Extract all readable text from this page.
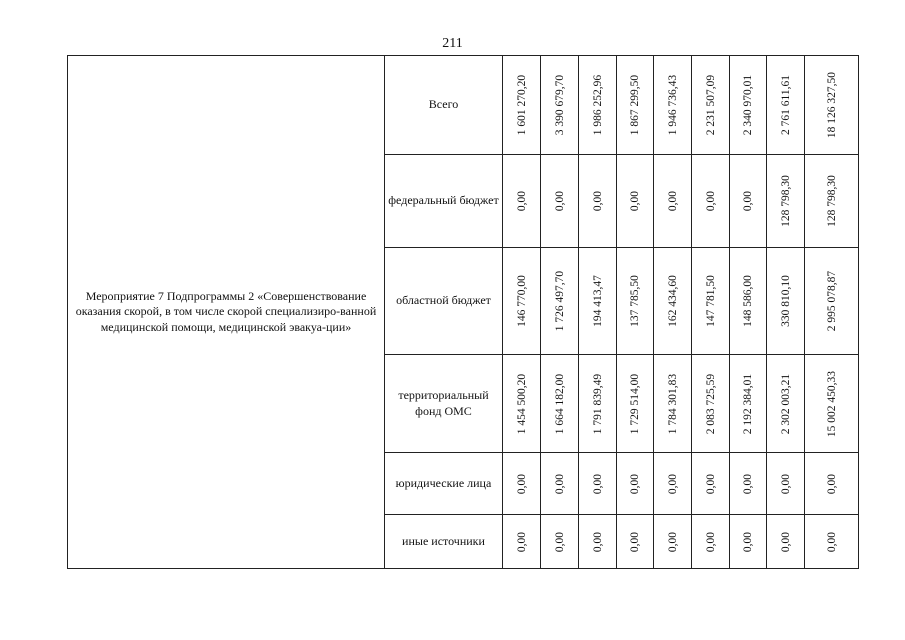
211
Мероприятие 7 Подпрограммы 2 «Совершенствование оказания скорой, в том числе скорой специализиро-ванной медицинской помощи, медицинской эвакуа-ции»	Всего	1 601 270,20	3 390 679,70	1 986 252,96	1 867 299,50	1 946 736,43	2 231 507,09	2 340 970,01	2 761 611,61	18 126 327,50

	федеральный бюджет	0,00	0,00	0,00	0,00	0,00	0,00	0,00	128 798,30	128 798,30

	областной бюджет	146 770,00	1 726 497,70	194 413,47	137 785,50	162 434,60	147 781,50	148 586,00	330 810,10	2 995 078,87

	территориальный фонд ОМС	1 454 500,20	1 664 182,00	1 791 839,49	1 729 514,00	1 784 301,83	2 083 725,59	2 192 384,01	2 302 003,21	15 002 450,33

	юридические лица	0,00	0,00	0,00	0,00	0,00	0,00	0,00	0,00	0,00

	иные источники	0,00	0,00	0,00	0,00	0,00	0,00	0,00	0,00	0,00
